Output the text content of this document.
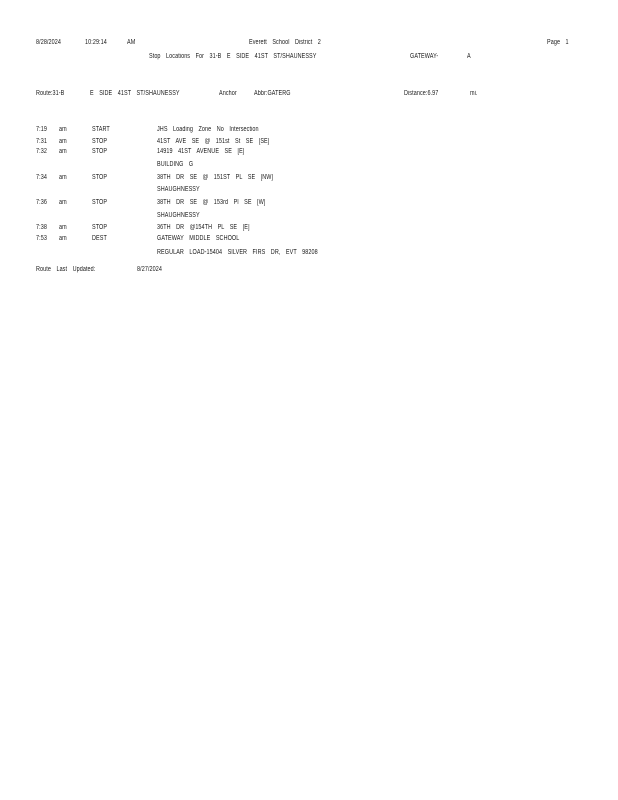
8/28/2024	10:29:14	AM	Everett School District 2	Page 1
Stop Locations For 31-B E SIDE 41ST ST/SHAUNESSY	GATEWAY-	A
Route:31-B	E SIDE 41ST ST/SHAUNESSY	Anchor Abbr:GATERG	Distance:6.97	mi.
7:19 am	START	JHS Loading Zone No Intersection
7:31 am	STOP	41ST AVE SE @ 151st St SE [SE]
7:32 am	STOP	14919 41ST AVENUE SE [E]
BUILDING G
7:34 am	STOP	38TH DR SE @ 151ST PL SE [NW]
SHAUGHNESSY
7:36 am	STOP	38TH DR SE @ 153rd Pl SE [W]
SHAUGHNESSY
7:38 am	STOP	36TH DR @154TH PL SE [E]
7:53 am	DEST	GATEWAY MIDDLE SCHOOL
REGULAR LOAD-15404 SILVER FIRS DR, EVT 98208
Route Last Updated:	8/27/2024
